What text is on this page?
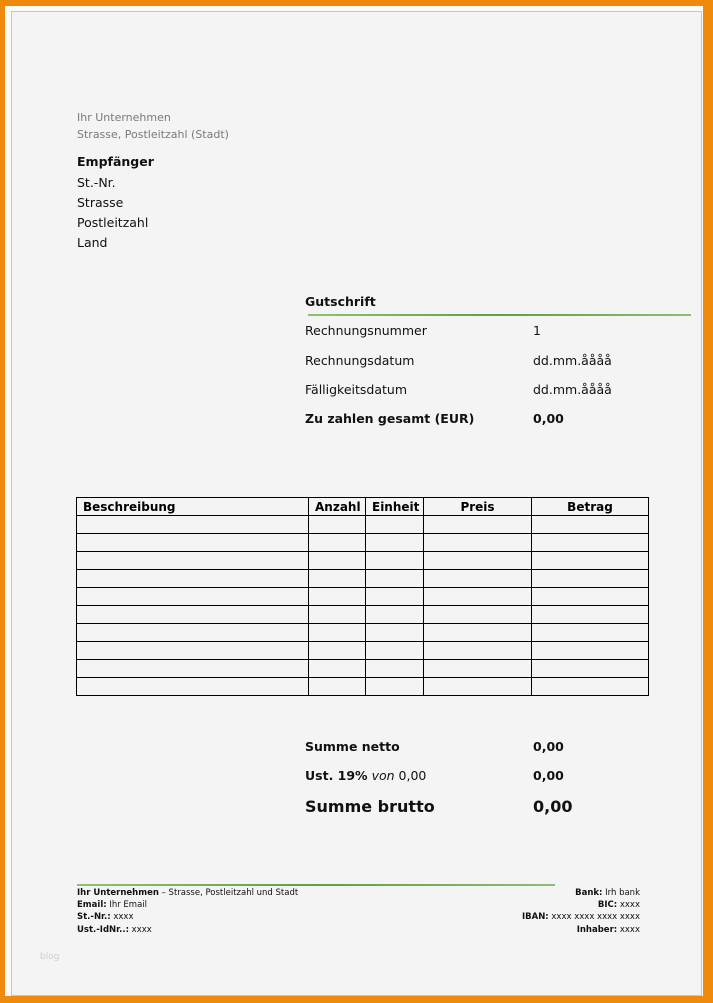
Ihr Unternehmen
Strasse, Postleitzahl (Stadt)
Empfänger
St.-Nr.
Strasse
Postleitzahl
Land
Gutschrift
Rechnungsnummer	1
Rechnungsdatum	dd.mm.åååå
Fälligkeitsdatum	dd.mm.åååå
Zu zahlen gesamt (EUR)	0,00
Beschreibung	Anzahl	Einheit	Preis	Betrag

Summe netto	0,00
Ust. 19% von 0,00	0,00
Summe brutto	0,00
Ihr Unternehmen – Strasse, Postleitzahl und Stadt
Email: Ihr Email
St.-Nr.: xxxx
Ust.-IdNr..: xxxx
Bank: Irh bank
BIC: xxxx
IBAN: xxxx xxxx xxxx xxxx
Inhaber: xxxx
blog
